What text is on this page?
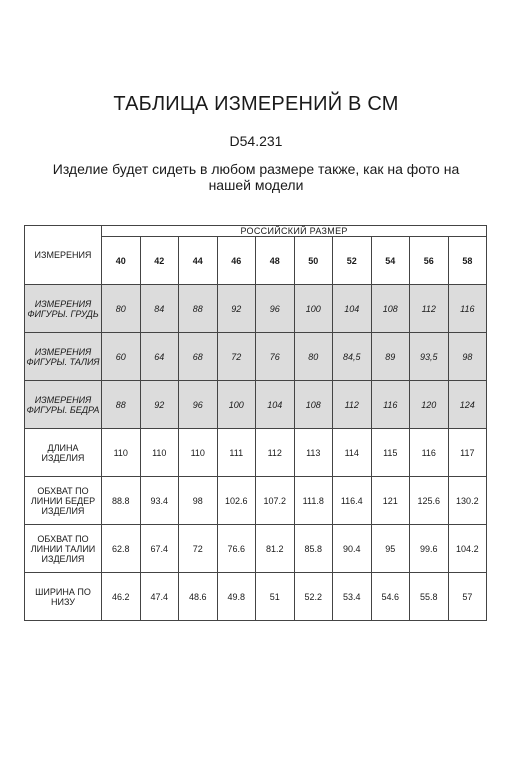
ТАБЛИЦА ИЗМЕРЕНИЙ В СМ
D54.231
Изделие будет сидеть в любом размере также, как на фото на нашей модели
ИЗМЕРЕНИЯ	РОССИЙСКИЙ РАЗМЕР									
	40	42	44	46	48	50	52	54	56	58
ИЗМЕРЕНИЯ ФИГУРЫ. ГРУДЬ	80	84	88	92	96	100	104	108	112	116
ИЗМЕРЕНИЯ ФИГУРЫ. ТАЛИЯ	60	64	68	72	76	80	84,5	89	93,5	98
ИЗМЕРЕНИЯ ФИГУРЫ. БЕДРА	88	92	96	100	104	108	112	116	120	124
ДЛИНА ИЗДЕЛИЯ	110	110	110	111	112	113	114	115	116	117
ОБХВАТ ПО ЛИНИИ БЕДЕР ИЗДЕЛИЯ	88.8	93.4	98	102.6	107.2	111.8	116.4	121	125.6	130.2
ОБХВАТ ПО ЛИНИИ ТАЛИИ ИЗДЕЛИЯ	62.8	67.4	72	76.6	81.2	85.8	90.4	95	99.6	104.2
ШИРИНА ПО НИЗУ	46.2	47.4	48.6	49.8	51	52.2	53.4	54.6	55.8	57
